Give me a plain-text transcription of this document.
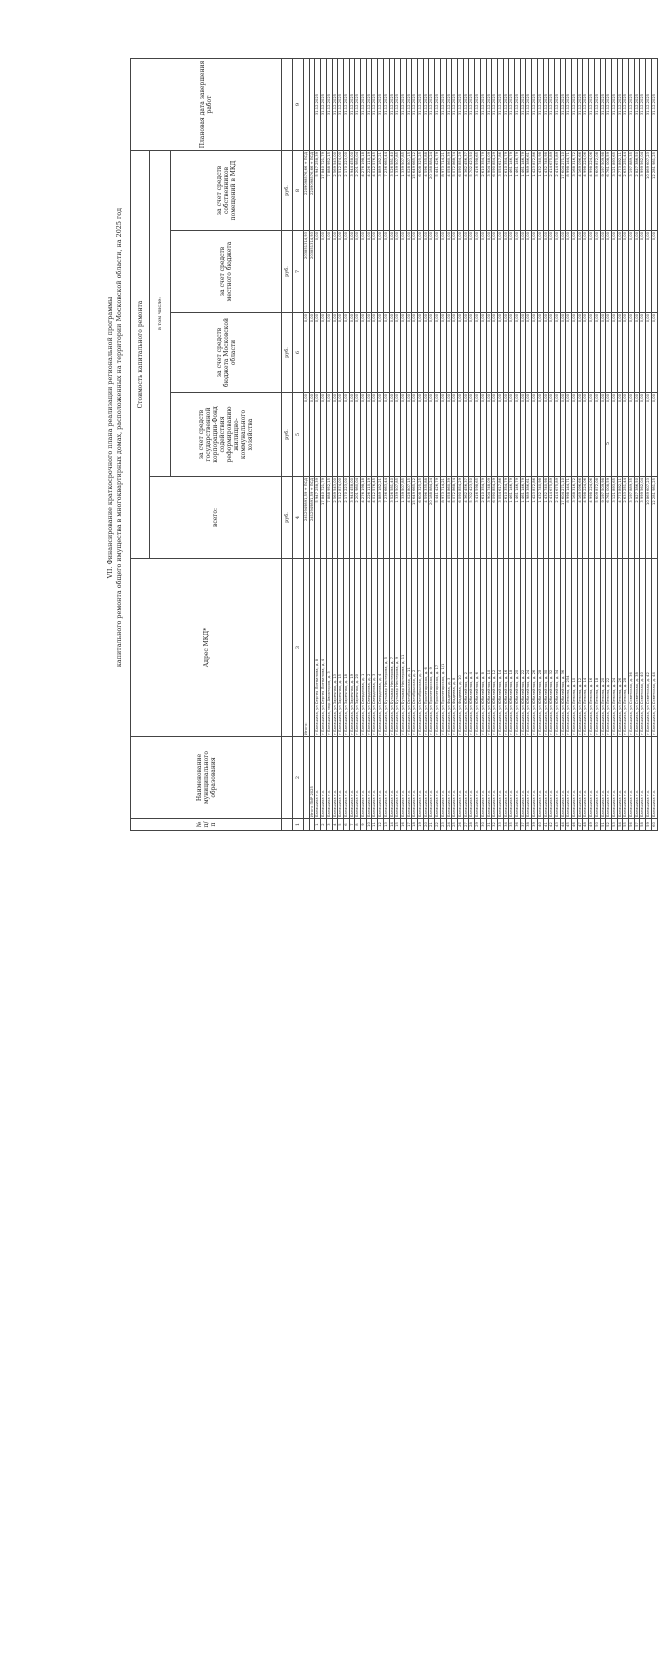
VII. Финансирование краткосрочного плана реализации региональной программы капитального ремонта общего имущества в многоквартирных домах, расположенных на территории Московской области, на 2025 год
№ п/п	Наименование муниципального образования	Адрес МКД*	Стоимость капитального ремонта					Плановая дата завершения работ
			всего:	в том числе:				
				за счет средств государственной корпорации-Фонд содействия реформированию жилищно-коммунального хозяйства	за счет средств бюджета Московской области	за счет средств местного бюджета	за счет средств собственников помещений в МКД	
			руб.	руб.	руб.	руб.	руб.	
1	2	3	4	5	6	7	8	9
		Итого:	2412949891,59 + ПСД	0,00	0,00	203851314,93	2209098576,66 + ПСД	
	Итого ПИР 2025		2412949891,59 + ПСД	0,00	0,00	203851314,93	2209098576,66 + ПСД	
1	Балашиха г.о.	г Балашиха, ул Сергея Литвинова, д. 8	5 947 258,39	0,00	0,00	0,00	5 947 258,39	31.12.2025
2	Балашиха г.о.	г Балашиха, ул Сергея Литвинова, д. 4	17 840 721,79	0,00	0,00	0,00	17 840 721,79	31.12.2025
3	Балашиха г.о.	г Балашиха, мкр Авиаторов, д. 3	7 888 952,15	0,00	0,00	0,00	7 888 952,15	31.12.2025
4	Балашиха г.о.	г Балашиха, ул Заречная, д. 13	2 569 543,00	0,00	0,00	0,00	2 569 543,00	31.12.2025
5	Балашиха г.о.	г Балашиха, ул Заречная, д. 15	2 512 874,00	0,00	0,00	0,00	2 512 874,00	31.12.2025
6	Балашиха г.о.	г Балашиха, ул Заречная, д. 18	2 170 223,00	0,00	0,00	0,00	2 170 223,00	31.12.2025
7	Балашиха г.о.	г Балашиха, ул Заречная, д. 19	3 944 458,00	0,00	0,00	0,00	3 944 458,00	31.12.2025
8	Балашиха г.о.	г Балашиха, ул Заречная, д. 20	2 201 980,04	0,00	0,00	0,00	2 201 980,04	31.12.2025
9	Балашиха г.о.	г Балашиха, ул Свердлова, д. 1	4 276 198,18	0,00	0,00	0,00	4 276 198,18	31.12.2025
10	Балашиха г.о.	г Балашиха, ул Свердлова, д. 2	4 226 110,19	0,00	0,00	0,00	4 226 110,19	31.12.2025
11	Балашиха г.о.	г Балашиха, ул Свердлова, д. 3	4 012 576,45	0,00	0,00	0,00	4 012 576,45	31.12.2025
12	Балашиха г.о.	г Балашиха, ул Свердлова, д. 4	3 889 182,21	0,00	0,00	0,00	3 889 182,21	31.12.2025
13	Балашиха г.о.	г Балашиха, ул Бульвар Нестерова, д. 5	7 236 663,44	0,00	0,00	0,00	7 236 663,44	31.12.2025
14	Балашиха г.о.	г Балашиха, ул Бульвар Нестерова, д. 7	3 526 581,40	0,00	0,00	0,00	3 526 581,40	31.12.2025
15	Балашиха г.о.	г Балашиха, ул Бульвар Нестерова, д. 9	1 339 507,85	0,00	0,00	0,00	1 339 507,85	31.12.2025
16	Балашиха г.о.	г Балашиха, ул Бульвар Нестерова, д. 11	1 339 507,85	0,00	0,00	0,00	1 339 507,85	31.12.2025
17	Балашиха г.о.	г Балашиха, ул Октябрьская, д. 11	4 028 807,15	0,00	0,00	0,00	4 028 807,15	31.12.2025
18	Балашиха г.о.	г Балашиха, ул Октябрьская, д. 2	15 649 665,12	0,00	0,00	0,00	15 649 665,12	31.12.2025
19	Балашиха г.о.	г Балашиха, ул Октябрьская, д. 7	6 608 325,25	0,00	0,00	0,00	6 608 325,25	31.12.2025
20	Балашиха г.о.	г Балашиха, ул Пролетарская, д. 6	4 596 335,88	0,00	0,00	0,00	4 596 335,88	31.12.2025
21	Балашиха г.о.	г Балашиха, ул Пролетарская, д. 9	20 188 884,24	0,00	0,00	0,00	20 188 884,24	31.12.2025
22	Балашиха г.о.	г Балашиха, ул Пролетарская, д. 17	5 441 426,79	0,00	0,00	0,00	5 441 426,79	31.12.2025
23	Балашиха г.о.	г Балашиха, ул Пролетарская, д. 1/1	8 973 714,21	0,00	0,00	0,00	8 973 714,21	31.12.2025
24	Балашиха г.о.	г Балашиха, ул Фадеева, д. 3	4 058 860,39	0,00	0,00	0,00	4 058 860,39	31.12.2025
25	Балашиха г.о.	г Балашиха, ул Фадеева, д. 8	5 072 868,74	0,00	0,00	0,00	5 072 868,74	31.12.2025
26	Балашиха г.о.	г Балашиха, ул Фадеева, д. 10	6 090 854,29	0,00	0,00	0,00	6 090 854,29	31.12.2025
27	Балашиха г.о.	г Балашиха, ул Юбилейная, д. 2	4 362 456,37	0,00	0,00	0,00	4 362 456,37	31.12.2025
28	Балашиха г.о.	г Балашиха, ул Юбилейная, д. 4	5 702 423,50	0,00	0,00	0,00	5 702 423,50	31.12.2025
29	Балашиха г.о.	г Балашиха, ул Юбилейная, д. 6	3 416 598,65	0,00	0,00	0,00	3 416 598,65	31.12.2025
30	Балашиха г.о.	г Балашиха, ул Юбилейная, д. 8	2 610 354,79	0,00	0,00	0,00	2 610 354,79	31.12.2025
31	Балашиха г.о.	г Балашиха, ул Юбилейная, д. 10	3 904 748,09	0,00	0,00	0,00	3 904 748,09	31.12.2025
32	Балашиха г.о.	г Балашиха, ул Юбилейная, д. 12	6 090 854,29	0,00	0,00	0,00	6 090 854,29	31.12.2025
33	Балашиха г.о.	г Балашиха, ул Юбилейная, д. 14	3 054 617,86	0,00	0,00	0,00	3 054 617,86	31.12.2025
34	Балашиха г.о.	г Балашиха, ул Юбилейная, д. 16	2 610 354,79	0,00	0,00	0,00	2 610 354,79	31.12.2025
35	Балашиха г.о.	г Балашиха, ул Юбилейная, д. 18	1 461 146,79	0,00	0,00	0,00	1 461 146,79	31.12.2025
36	Балашиха г.о.	г Балашиха, ул Юбилейная, д. 20	1 461 146,79	0,00	0,00	0,00	1 461 146,79	31.12.2025
37	Балашиха г.о.	г Балашиха, ул Юбилейная, д. 22	1 461 146,79	0,00	0,00	0,00	1 461 146,79	31.12.2025
38	Балашиха г.о.	г Балашиха, ул Юбилейная, д. 24	1 989 386,61	0,00	0,00	0,00	1 989 386,61	31.12.2025
39	Балашиха г.о.	г Балашиха, ул Юбилейная, д. 26	1 423 872,86	0,00	0,00	0,00	1 423 872,86	31.12.2025
40	Балашиха г.о.	г Балашиха, ул Юбилейная, д. 28	1 432 740,98	0,00	0,00	0,00	1 432 740,98	31.12.2025
41	Балашиха г.о.	г Балашиха, ул Юбилейная, д. 30	1 432 740,98	0,00	0,00	0,00	1 432 740,98	31.12.2025
42	Балашиха г.о.	г Балашиха, ул Юбилейная, д. 32	2 414 675,89	0,00	0,00	0,00	2 414 675,89	31.12.2025
43	Балашиха г.о.	г Балашиха, ул Юбилейная, д. 34	2 414 675,89	0,00	0,00	0,00	2 414 675,89	31.12.2025
44	Балашиха г.о.	г Балашиха, ул Юбилейная, д. 36	17 604 271,10	0,00	0,00	0,00	17 604 271,10	31.12.2025
45	Балашиха г.о.	г Балашиха, ул Ленина, д. 254	8 998 144,71	0,00	0,00	0,00	8 998 144,71	31.12.2025
46	Балашиха г.о.	г Балашиха, ул Ленина, д. 10	3 168 316,72	0,00	0,00	0,00	3 168 316,72	31.12.2025
47	Балашиха г.о.	г Балашиха, ул Ленина, д. 12	4 169 096,66	0,00	0,00	0,00	4 169 096,66	31.12.2025
48	Балашиха г.о.	г Балашиха, ул Ленина, д. 14	4 998 224,06	0,00	0,00	0,00	4 998 224,06	31.12.2025
49	Балашиха г.о.	г Балашиха, ул Ленина, д. 16	4 998 224,06	0,00	0,00	0,00	4 998 224,06	31.12.2025
50	Балашиха г.о.	г Балашиха, ул Ленина, д. 18	5 609 872,08	0,00	0,00	0,00	5 609 872,08	31.12.2025
51	Балашиха г.о.	г Балашиха, ул Ленина, д. 20	9 197 509,98	0,00	0,00	0,00	9 197 509,98	31.12.2025
52	Балашиха г.о.	г Балашиха, ул Ленина, д. 22	6 761 008,59	0,00	0,00	0,00	6 761 008,59	31.12.2025
53	Балашиха г.о.	г Балашиха, ул Ленина, д. 24	3 121 893,65	0,00	0,00	0,00	3 121 893,65	31.12.2025
54	Балашиха г.о.	г Балашиха, ул Ленина, д. 26	4 773 892,11	0,00	0,00	0,00	4 773 892,11	31.12.2025
55	Балашиха г.о.	г Балашиха, ул Ленина, д. 28	2 633 251,44	0,00	0,00	0,00	2 633 251,44	31.12.2025
56	Балашиха г.о.	г Балашиха, ул Советская, д. 36	3 197 889,35	0,00	0,00	0,00	3 197 889,35	31.12.2025
57	Балашиха г.о.	г Балашиха, ул Советская, д. 38	2 827 386,50	0,00	0,00	0,00	2 827 386,50	31.12.2025
58	Балашиха г.о.	г Балашиха, ул Советская, д. 40	3 999 562,04	0,00	0,00	0,00	3 999 562,04	31.12.2025
59	Балашиха г.о.	г Балашиха, ул Советская, д. 42	10 869 607,23	0,00	0,00	0,00	10 869 607,23	31.12.2025
60	Балашиха г.о.	г Балашиха, ул Советская, д. 44	12 281 981,25	0,00	0,00	0,00	12 281 981,25	31.12.2025
5
